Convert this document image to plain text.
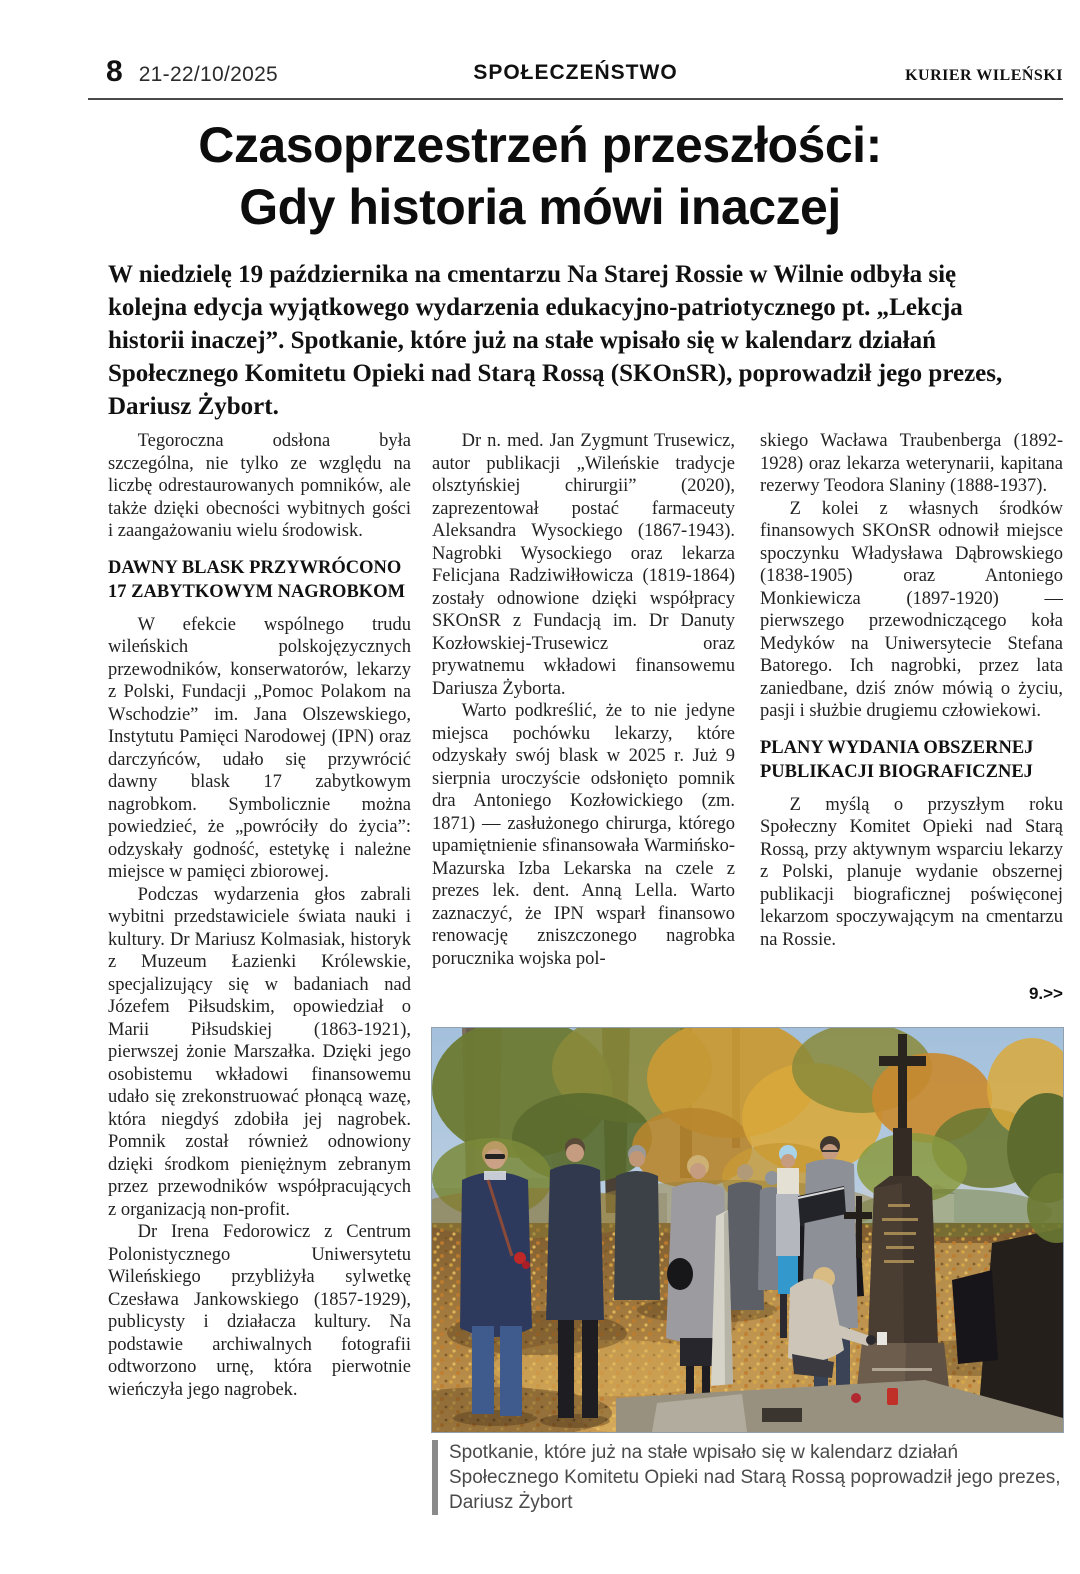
8 21-22/10/2025	SPOŁECZEŃSTWO	KURIER WILEŃSKI
Czasoprzestrzeń przeszłości:
Gdy historia mówi inaczej
W niedzielę 19 października na cmentarzu Na Starej Rossie w Wilnie odbyła się kolejna edycja wyjątkowego wydarzenia edukacyjno-patriotycznego pt. „Lekcja historii inaczej”. Spotkanie, które już na stałe wpisało się w kalendarz działań Społecznego Komitetu Opieki nad Starą Rossą (SKOnSR), poprowadził jego prezes, Dariusz Żybort.

Tegoroczna odsłona była szczególna, nie tylko ze względu na liczbę odrestaurowanych pomników, ale także dzięki obecności wybitnych gości i zaangażowaniu wielu środowisk.

DAWNY BLASK PRZYWRÓCONO 17 ZABYTKOWYM NAGROBKOM

W efekcie wspólnego trudu wileńskich polskojęzycznych przewodników, konserwatorów, lekarzy z Polski, Fundacji „Pomoc Polakom na Wschodzie” im. Jana Olszewskiego, Instytutu Pamięci Narodowej (IPN) oraz darczyńców, udało się przywrócić dawny blask 17 zabytkowym nagrobkom. Symbolicznie można powiedzieć, że „powróciły do życia”: odzyskały godność, estetykę i należne miejsce w pamięci zbiorowej.

Podczas wydarzenia głos zabrali wybitni przedstawiciele świata nauki i kultury. Dr Mariusz Kolmasiak, historyk z Muzeum Łazienki Królewskie, specjalizujący się w badaniach nad Józefem Piłsudskim, opowiedział o Marii Piłsudskiej (1863-1921), pierwszej żonie Marszałka. Dzięki jego osobistemu wkładowi finansowemu udało się zrekonstruować płonącą wazę, która niegdyś zdobiła jej nagrobek. Pomnik został również odnowiony dzięki środkom pieniężnym zebranym przez przewodników współpracujących z organizacją non-profit.

Dr Irena Fedorowicz z Centrum Polonistycznego Uniwersytetu Wileńskiego przybliżyła sylwetkę Czesława Jankowskiego (1857-1929), publicysty i działacza kultury. Na podstawie archiwalnych fotografii odtworzono urnę, która pierwotnie wieńczyła jego nagrobek.

Dr n. med. Jan Zygmunt Trusewicz, autor publikacji „Wileńskie tradycje olsztyńskiej chirurgii” (2020), zaprezentował postać farmaceuty Aleksandra Wysockiego (1867-1943). Nagrobki Wysockiego oraz lekarza Felicjana Radziwiłłowicza (1819-1864) zostały odnowione dzięki współpracy SKOnSR z Fundacją im. Dr Danuty Kozłowskiej-Trusewicz oraz prywatnemu wkładowi finansowemu Dariusza Żyborta.

Warto podkreślić, że to nie jedyne miejsca pochówku lekarzy, które odzyskały swój blask w 2025 r. Już 9 sierpnia uroczyście odsłonięto pomnik dra Antoniego Kozłowickiego (zm. 1871) — zasłużonego chirurga, którego upamiętnienie sfinansowała Warmińsko-Mazurska Izba Lekarska na czele z prezes lek. dent. Anną Lella. Warto zaznaczyć, że IPN wsparł finansowo renowację zniszczonego nagrobka porucznika wojska pol-

skiego Wacława Traubenberga (1892-1928) oraz lekarza weterynarii, kapitana rezerwy Teodora Slaniny (1888-1937).

Z kolei z własnych środków finansowych SKOnSR odnowił miejsce spoczynku Władysława Dąbrowskiego (1838-1905) oraz Antoniego Monkiewicza (1897-1920) — pierwszego przewodniczącego koła Medyków na Uniwersytecie Stefana Batorego. Ich nagrobki, przez lata zaniedbane, dziś znów mówią o życiu, pasji i służbie drugiemu człowiekowi.

PLANY WYDANIA OBSZERNEJ PUBLIKACJI BIOGRAFICZNEJ

Z myślą o przyszłym roku Społeczny Komitet Opieki nad Starą Rossą, przy aktywnym wsparciu lekarzy z Polski, planuje wydanie obszernej publikacji biograficznej poświęconej lekarzom spoczywającym na cmentarzu na Rossie.

9.>>
Spotkanie, które już na stałe wpisało się w kalendarz działań Społecznego Komitetu Opieki nad Starą Rossą poprowadził jego prezes, Dariusz Żybort
